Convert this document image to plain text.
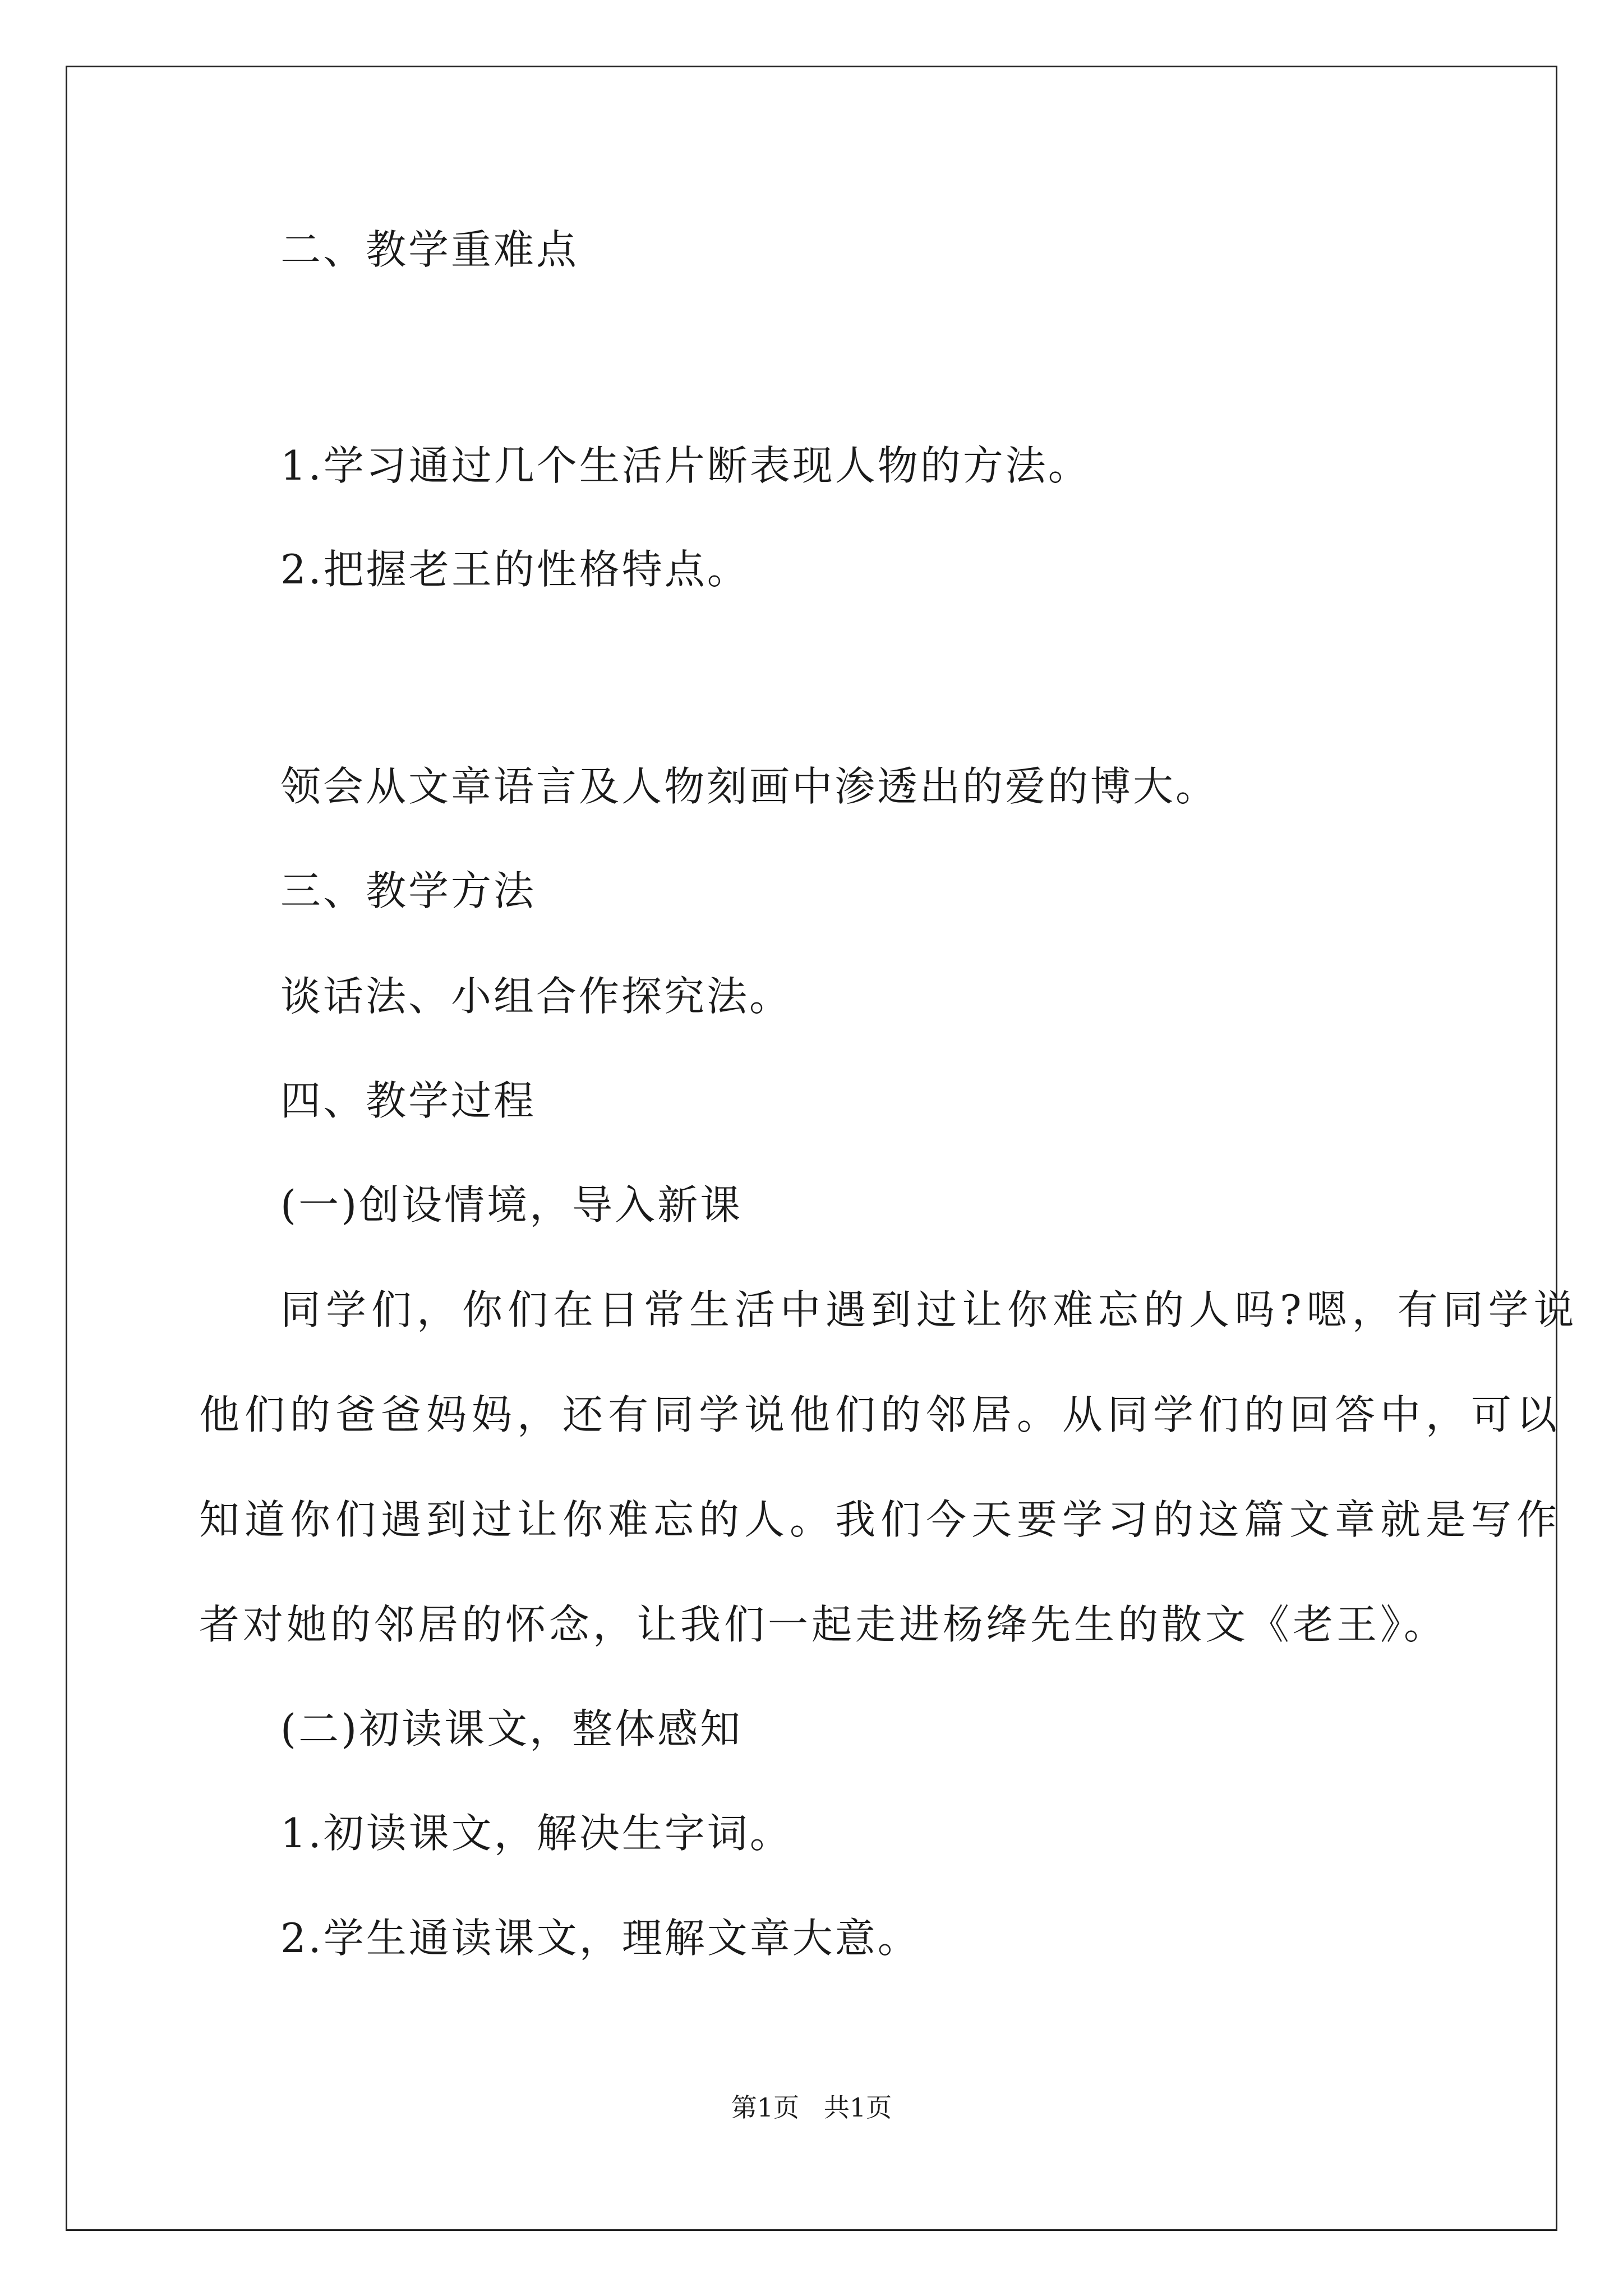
二、教学重难点
1.学习通过几个生活片断表现人物的方法。
2.把握老王的性格特点。
领会从文章语言及人物刻画中渗透出的爱的博大。
三、教学方法
谈话法、小组合作探究法。
四、教学过程
(一)创设情境，导入新课
同学们，你们在日常生活中遇到过让你难忘的人吗?嗯，有同学说
他们的爸爸妈妈，还有同学说他们的邻居。从同学们的回答中，可以
知道你们遇到过让你难忘的人。我们今天要学习的这篇文章就是写作
者对她的邻居的怀念，让我们一起走进杨绛先生的散文《老王》。
(二)初读课文，整体感知
1.初读课文，解决生字词。
2.学生通读课文，理解文章大意。
第1页   共1页
